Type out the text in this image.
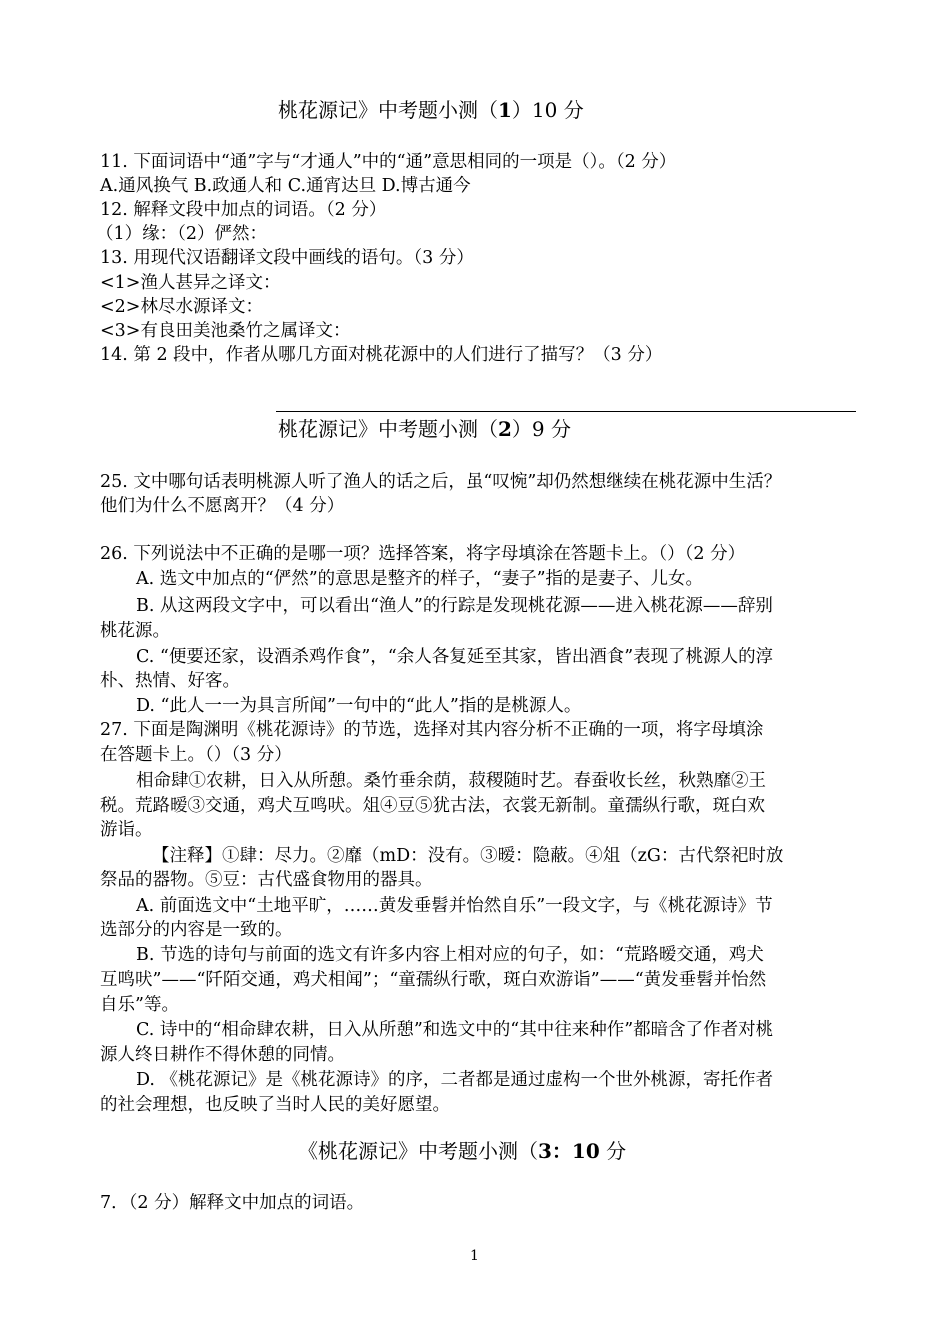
桃花源记》中考题小测（1）10 分
11. 下面词语中“通”字与“才通人”中的“通”意思相同的一项是（）。（2 分）
A.通风换气 B.政通人和 C.通宵达旦 D.博古通今
12. 解释文段中加点的词语。（2 分）
（1）缘：（2）俨然：
13. 用现代汉语翻译文段中画线的语句。（3 分）
<1>渔人甚异之译文：
<2>林尽水源译文：
<3>有良田美池桑竹之属译文：
14. 第 2 段中，作者从哪几方面对桃花源中的人们进行了描写？（3 分）
桃花源记》中考题小测（2）9 分
25. 文中哪句话表明桃源人听了渔人的话之后，虽“叹惋”却仍然想继续在桃花源中生活？
他们为什么不愿离开？（4 分）
26. 下列说法中不正确的是哪一项？选择答案，将字母填涂在答题卡上。（）（2 分）
A. 选文中加点的“俨然”的意思是整齐的样子，“妻子”指的是妻子、儿女。
B. 从这两段文字中，可以看出“渔人”的行踪是发现桃花源——进入桃花源——辞别
桃花源。
C. “便要还家，设酒杀鸡作食”，“余人各复延至其家，皆出酒食”表现了桃源人的淳
朴、热情、好客。
D. “此人一一为具言所闻”一句中的“此人”指的是桃源人。
27. 下面是陶渊明《桃花源诗》的节选，选择对其内容分析不正确的一项，将字母填涂
在答题卡上。（）（3 分）
相命肆①农耕，日入从所憩。桑竹垂余荫，菽稷随时艺。春蚕收长丝，秋熟靡②王
税。荒路暧③交通，鸡犬互鸣吠。俎④豆⑤犹古法，衣裳无新制。童孺纵行歌，斑白欢
游诣。
【注释】①肆：尽力。②靡（mD：没有。③暧：隐蔽。④俎（zG：古代祭祀时放
祭品的器物。⑤豆：古代盛食物用的器具。
A. 前面选文中“土地平旷，……黄发垂髫并怡然自乐”一段文字，与《桃花源诗》节
选部分的内容是一致的。
B. 节选的诗句与前面的选文有许多内容上相对应的句子，如：“荒路暧交通，鸡犬
互鸣吠”——“阡陌交通，鸡犬相闻”；“童孺纵行歌，斑白欢游诣”——“黄发垂髫并怡然
自乐”等。
C. 诗中的“相命肆农耕，日入从所憩”和选文中的“其中往来种作”都暗含了作者对桃
源人终日耕作不得休憩的同情。
D. 《桃花源记》是《桃花源诗》的序，二者都是通过虚构一个世外桃源，寄托作者
的社会理想，也反映了当时人民的美好愿望。
《桃花源记》中考题小测（3：10 分
7．（2 分）解释文中加点的词语。
1
